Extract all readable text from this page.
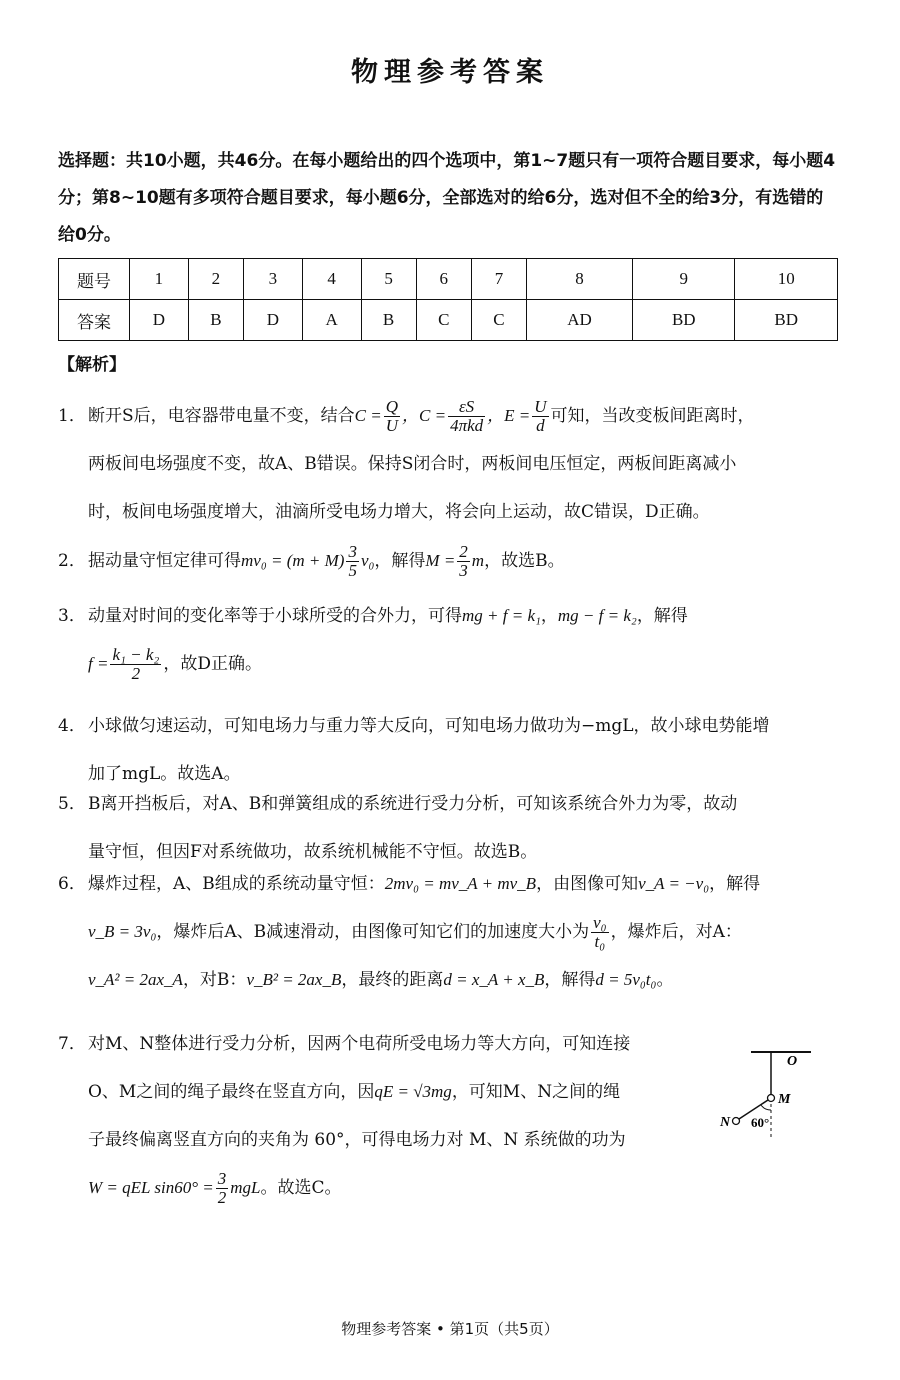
物理参考答案
选择题：共10小题，共46分。在每小题给出的四个选项中，第1~7题只有一项符合题目要求，每小题4分；第8~10题有多项符合题目要求，每小题6分，全部选对的给6分，选对但不全的给3分，有选错的给0分。
题号	1	2	3	4	5	6	7	8	9	10
答案	D	B	D	A	B	C	C	AD	BD	BD
【解析】

1． 断开S后，电容器带电量不变，结合$C = \frac{Q}{U}$ ，$C = \frac{\varepsilon S}{\text{4πkd}}$ ，$E = \frac{U}{d}$ 可知，当改变板间距离时，

两板间电场强度不变，故A、B错误。保持S闭合时，两板间电压恒定，两板间距离减小

时，板间电场强度增大，油滴所受电场力增大，将会向上运动，故C错误，D正确。

2． 据动量守恒定律可得$mv_0 = (m + M) \frac{3}{5} v_0$，解得$M = \frac{2}{3}$ m，故选B。

3． 动量对时间的变化率等于小球所受的合外力，可得mg + f = k₁，mg − f = k₂，解得

$f = \frac{\text{k₁ − k₂}}{2}$ ，故D正确。

4． 小球做匀速运动，可知电场力与重力等大反向，可知电场力做功为−mgL，故小球电势能增

加了mgL。故选A。

5． B离开挡板后，对A、B和弹簧组成的系统进行受力分析，可知该系统合外力为零，故动

量守恒，但因F对系统做功，故系统机械能不守恒。故选B。

6． 爆炸过程，A、B组成的系统动量守恒：2mv₀ = mv_A + mv_B，由图像可知v_A = −v₀，解得

v_B = 3v₀，爆炸后A、B减速滑动，由图像可知它们的加速度大小为 $\frac{\text{v₀}}{\text{t₀}}$ ，爆炸后，对A：

v_A² = 2ax_A，对B：v_B² = 2ax_B，最终的距离d = x_A + x_B，解得d = 5v₀t₀。

7． 对M、N整体进行受力分析，因两个电荷所受电场力等大方向，可知连接

O、M之间的绳子最终在竖直方向，因qE = √3mg，可知M、N之间的绳

子最终偏离竖直方向的夹角为 60°，可得电场力对 M、N 系统做的功为

W = qEL $\sin 60^\circ = \frac{3}{2}$ mgL。故选C。

O
M
N 60°
物理参考答案 • 第1页（共5页）
